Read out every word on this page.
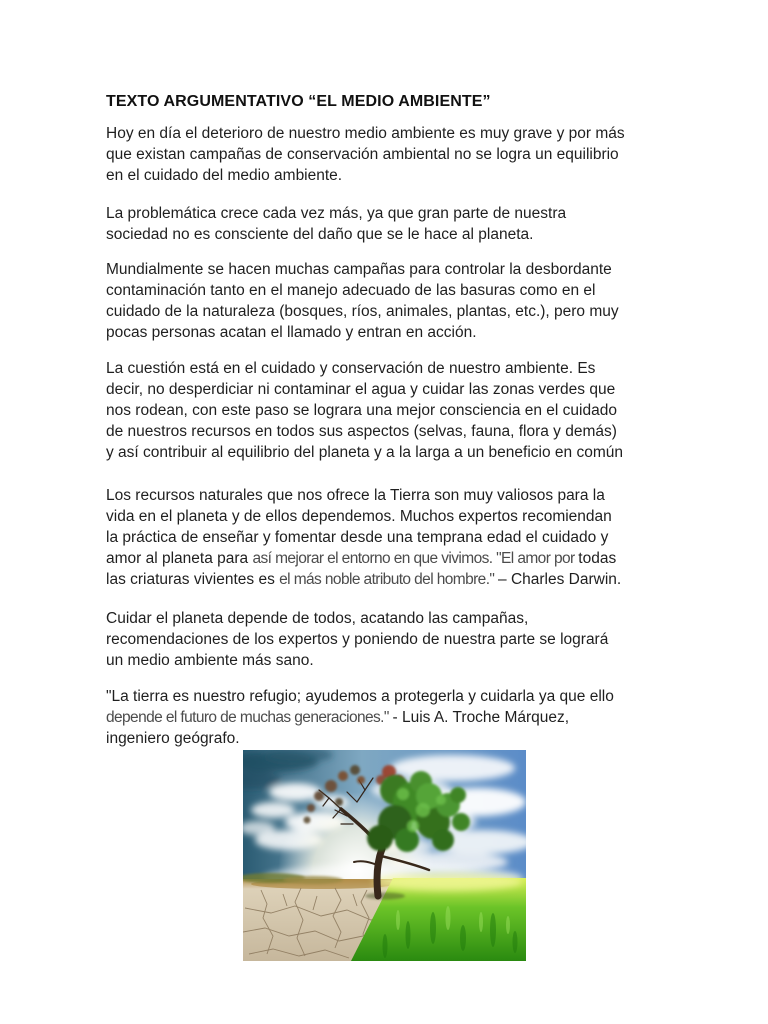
TEXTO ARGUMENTATIVO “EL MEDIO AMBIENTE”

Hoy en día el deterioro de nuestro medio ambiente es muy grave y por más que existan campañas de conservación ambiental no se logra un equilibrio en el cuidado del medio ambiente.

La problemática crece cada vez más, ya que gran parte de nuestra sociedad no es consciente del daño que se le hace al planeta.

Mundialmente se hacen muchas campañas para controlar la desbordante contaminación tanto en el manejo adecuado de las basuras como en el cuidado de la naturaleza (bosques, ríos, animales, plantas, etc.), pero muy pocas personas acatan el llamado y entran en acción.

La cuestión está en el cuidado y conservación de nuestro ambiente. Es decir, no desperdiciar ni contaminar el agua y cuidar las zonas verdes que nos rodean, con este paso se lograra una mejor consciencia en el cuidado de nuestros recursos en todos sus aspectos (selvas, fauna, flora y demás) y así contribuir al equilibrio del planeta y a la larga a un beneficio en común

Los recursos naturales que nos ofrece la Tierra son muy valiosos para la vida en el planeta y de ellos dependemos. Muchos expertos recomiendan la práctica de enseñar y fomentar desde una temprana edad el cuidado y amor al planeta para así mejorar el entorno en que vivimos. "El amor por todas las criaturas vivientes es el más noble atributo del hombre." – Charles Darwin.

Cuidar el planeta depende de todos, acatando las campañas, recomendaciones de los expertos y poniendo de nuestra parte se logrará un medio ambiente más sano.

"La tierra es nuestro refugio; ayudemos a protegerla y cuidarla ya que ello depende el futuro de muchas generaciones." - Luis A. Troche Márquez, ingeniero geógrafo.
